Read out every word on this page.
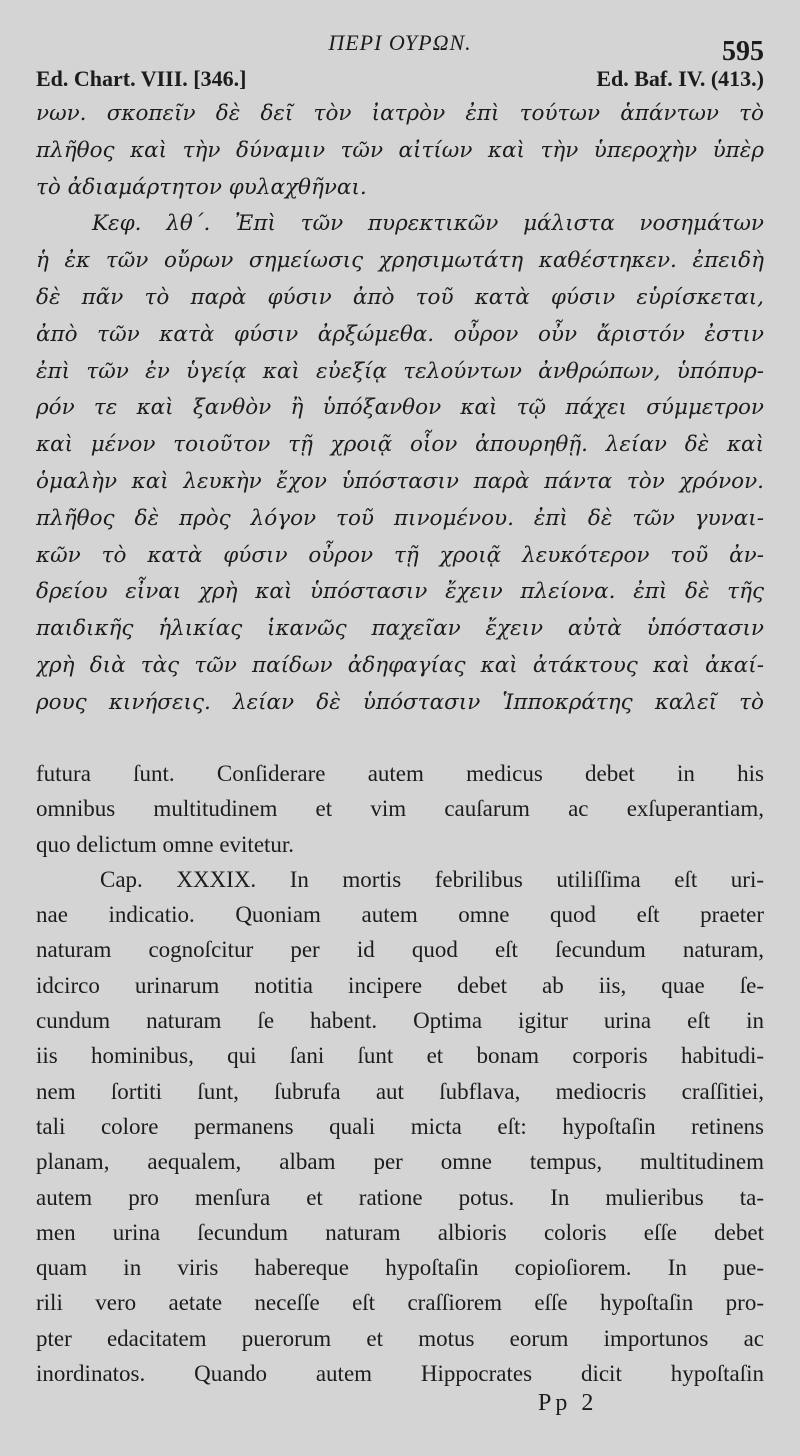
ΠΕΡΙ ΟΥΡΩΝ.	595
Ed. Chart. VIII. [346.]	Ed. Baf. IV. (413.)
νων. σκοπεῖν δὲ δεῖ τὸν ἰατρὸν ἐπὶ τούτων ἁπάντων τὸ
πλῆθος καὶ τὴν δύναμιν τῶν αἰτίων καὶ τὴν ὑπεροχὴν ὑπὲρ
τὸ ἀδιαμάρτητον φυλαχθῆναι.
Κεφ. λθ΄. Ἐπὶ τῶν πυρεκτικῶν μάλιστα νοσημάτων
ἡ ἐκ τῶν οὔρων σημείωσις χρησιμωτάτη καθέστηκεν. ἐπειδὴ
δὲ πᾶν τὸ παρὰ φύσιν ἀπὸ τοῦ κατὰ φύσιν εὑρίσκεται,
ἀπὸ τῶν κατὰ φύσιν ἀρξώμεθα. οὖρον οὖν ἄριστόν ἐστιν
ἐπὶ τῶν ἐν ὑγείᾳ καὶ εὐεξίᾳ τελούντων ἀνθρώπων, ὑπόπυρ-
ρόν τε καὶ ξανθὸν ἢ ὑπόξανθον καὶ τῷ πάχει σύμμετρον
καὶ μένον τοιοῦτον τῇ χροιᾷ οἷον ἀπουρηθῇ. λείαν δὲ καὶ
ὁμαλὴν καὶ λευκὴν ἔχον ὑπόστασιν παρὰ πάντα τὸν χρόνον.
πλῆθος δὲ πρὸς λόγον τοῦ πινομένου. ἐπὶ δὲ τῶν γυναι-
κῶν τὸ κατὰ φύσιν οὖρον τῇ χροιᾷ λευκότερον τοῦ ἀν-
δρείου εἶναι χρὴ καὶ ὑπόστασιν ἔχειν πλείονα. ἐπὶ δὲ τῆς
παιδικῆς ἡλικίας ἱκανῶς παχεῖαν ἔχειν αὐτὰ ὑπόστασιν
χρὴ διὰ τὰς τῶν παίδων ἀδηφαγίας καὶ ἀτάκτους καὶ ἀκαί-
ρους κινήσεις. λείαν δὲ ὑπόστασιν Ἱπποκράτης καλεῖ τὸ
futura ſunt. Conſiderare autem medicus debet in his
omnibus multitudinem et vim cauſarum ac exſuperantiam,
quo delictum omne evitetur.
Cap. XXXIX. In mortis febrilibus utiliſſima eſt uri-
nae indicatio. Quoniam autem omne quod eſt praeter
naturam cognoſcitur per id quod eſt ſecundum naturam,
idcirco urinarum notitia incipere debet ab iis, quae ſe-
cundum naturam ſe habent. Optima igitur urina eſt in
iis hominibus, qui ſani ſunt et bonam corporis habitudi-
nem ſortiti ſunt, ſubrufa aut ſubflava, mediocris craſſitiei,
tali colore permanens quali micta eſt: hypoſtaſin retinens
planam, aequalem, albam per omne tempus, multitudinem
autem pro menſura et ratione potus. In mulieribus ta-
men urina ſecundum naturam albioris coloris eſſe debet
quam in viris habereque hypoſtaſin copioſiorem. In pue-
rili vero aetate neceſſe eſt craſſiorem eſſe hypoſtaſin pro-
pter edacitatem puerorum et motus eorum importunos ac
inordinatos. Quando autem Hippocrates dicit hypoſtaſin
Pp 2
